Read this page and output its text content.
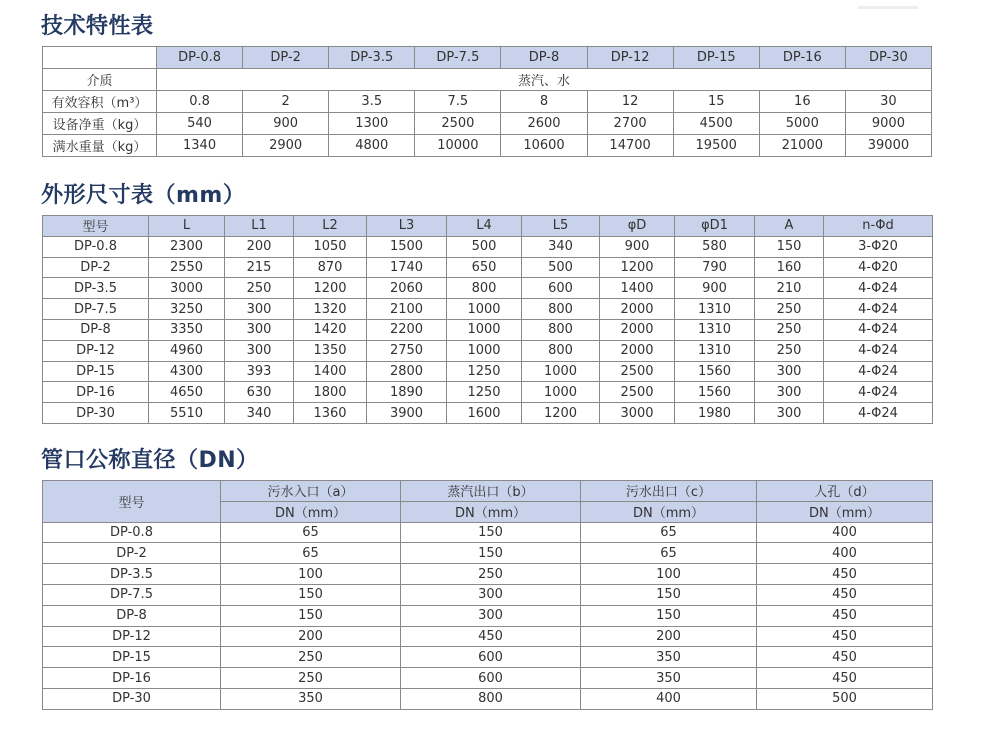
技术特性表
	DP-0.8	DP-2	DP-3.5	DP-7.5	DP-8	DP-12	DP-15	DP-16	DP-30
介质	蒸汽、水								
有效容积（m³）	0.8	2	3.5	7.5	8	12	15	16	30
设备净重（kg）	540	900	1300	2500	2600	2700	4500	5000	9000
满水重量（kg）	1340	2900	4800	10000	10600	14700	19500	21000	39000
外形尺寸表（mm）
型号	L	L1	L2	L3	L4	L5	φD	φD1	A	n-Φd
DP-0.8	2300	200	1050	1500	500	340	900	580	150	3-Φ20
DP-2	2550	215	870	1740	650	500	1200	790	160	4-Φ20
DP-3.5	3000	250	1200	2060	800	600	1400	900	210	4-Φ24
DP-7.5	3250	300	1320	2100	1000	800	2000	1310	250	4-Φ24
DP-8	3350	300	1420	2200	1000	800	2000	1310	250	4-Φ24
DP-12	4960	300	1350	2750	1000	800	2000	1310	250	4-Φ24
DP-15	4300	393	1400	2800	1250	1000	2500	1560	300	4-Φ24
DP-16	4650	630	1800	1890	1250	1000	2500	1560	300	4-Φ24
DP-30	5510	340	1360	3900	1600	1200	3000	1980	300	4-Φ24
管口公称直径（DN）
型号	污水入口（a）	蒸汽出口（b）	污水出口（c）	人孔（d）
	DN（mm）	DN（mm）	DN（mm）	DN（mm）
DP-0.8	65	150	65	400
DP-2	65	150	65	400
DP-3.5	100	250	100	450
DP-7.5	150	300	150	450
DP-8	150	300	150	450
DP-12	200	450	200	450
DP-15	250	600	350	450
DP-16	250	600	350	450
DP-30	350	800	400	500
